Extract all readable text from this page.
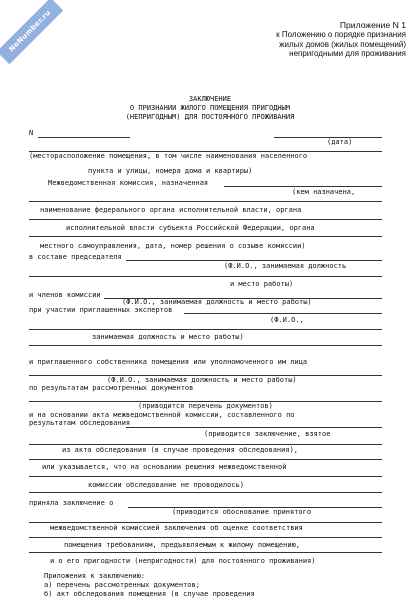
NoNumber.ru	Приложение N 1
к Положению о порядке признания
жилых домов (жилых помещений)
непригодными для проживания
ЗАКЛЮЧЕНИЕ
О ПРИЗНАНИИ ЖИЛОГО ПОМЕЩЕНИЯ ПРИГОДНЫМ
(НЕПРИГОДНЫМ) ДЛЯ ПОСТОЯННОГО ПРОЖИВАНИЯ
N
(дата)
(месторасположение помещения, в том числе наименования населенного
пункта и улицы, номера дома и квартиры)
Межведомственная комиссия, назначенная
(кем назначена,
наименование федерального органа исполнительной власти, органа
исполнительной власти субъекта Российской Федерации, органа
местного самоуправления, дата, номер решения о созыве комиссии)
в составе председателя
(Ф.И.О., занимаемая должность
и место работы)
и членов комиссии
(Ф.И.О., занимаемая должность и место работы)
при участии приглашенных экспертов
(Ф.И.О.,
занимаемая должность и место работы)
и приглашенного собственника помещения или уполномоченного им лица
(Ф.И.О., занимаемая должность и место работы)
по результатам рассмотренных документов
(приводится перечень документов)
и на основании акта межведомственной комиссии, составленного по
результатам обследования
(приводится заключение, взятое
из акта обследования (в случае проведения обследования),
или указывается, что на основании решения межведомственной
комиссии обследование не проводилось)
приняла заключение о
(приводится обоснование принятого
межведомственной комиссией заключения об оценке соответствия
помещения требованиям, предъявляемым к жилому помещению,
и о его пригодности (непригодности) для постоянного проживания)
Приложения к заключению:
а) перечень рассмотренных документов;
б) акт обследования помещения (в случае проведения
